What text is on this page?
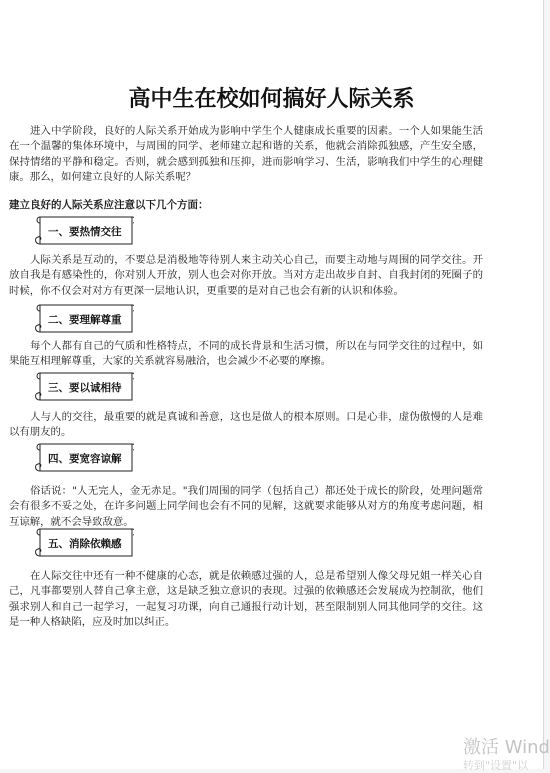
高中生在校如何搞好人际关系
进入中学阶段，良好的人际关系开始成为影响中学生个人健康成长重要的因素。一个人如果能生活在一个温馨的集体环境中，与周围的同学、老师建立起和谐的关系，他就会消除孤独感，产生安全感，保持情绪的平静和稳定。否则，就会感到孤独和压抑，进而影响学习、生活，影响我们中学生的心理健康。那么，如何建立良好的人际关系呢？
建立良好的人际关系应注意以下几个方面：
一、要热情交往
人际关系是互动的，不要总是消极地等待别人来主动关心自己，而要主动地与周围的同学交往。开放自我是有感染性的，你对别人开放，别人也会对你开放。当对方走出故步自封、自我封闭的死圈子的时候，你不仅会对对方有更深一层地认识，更重要的是对自己也会有新的认识和体验。
二、要理解尊重
每个人都有自己的气质和性格特点，不同的成长背景和生活习惯，所以在与同学交往的过程中，如果能互相理解尊重，大家的关系就容易融洽，也会减少不必要的摩擦。
三、要以诚相待
人与人的交往，最重要的就是真诚和善意，这也是做人的根本原则。口是心非，虚伪傲慢的人是难以有朋友的。
四、要宽容谅解
俗话说："人无完人，金无赤足。"我们周围的同学（包括自己）都还处于成长的阶段，处理问题常会有很多不妥之处，在许多问题上同学间也会有不同的见解，这就要求能够从对方的角度考虑问题，相互谅解，就不会导致敌意。
五、消除依赖感
在人际交往中还有一种不健康的心态，就是依赖感过强的人，总是希望别人像父母兄姐一样关心自己，凡事都要别人替自己拿主意，这是缺乏独立意识的表现。过强的依赖感还会发展成为控制欲，他们强求别人和自己一起学习，一起复习功课，向自己通报行动计划，甚至限制别人同其他同学的交往。这是一种人格缺陷，应及时加以纠正。
激活 Wind
转到"设置"以
